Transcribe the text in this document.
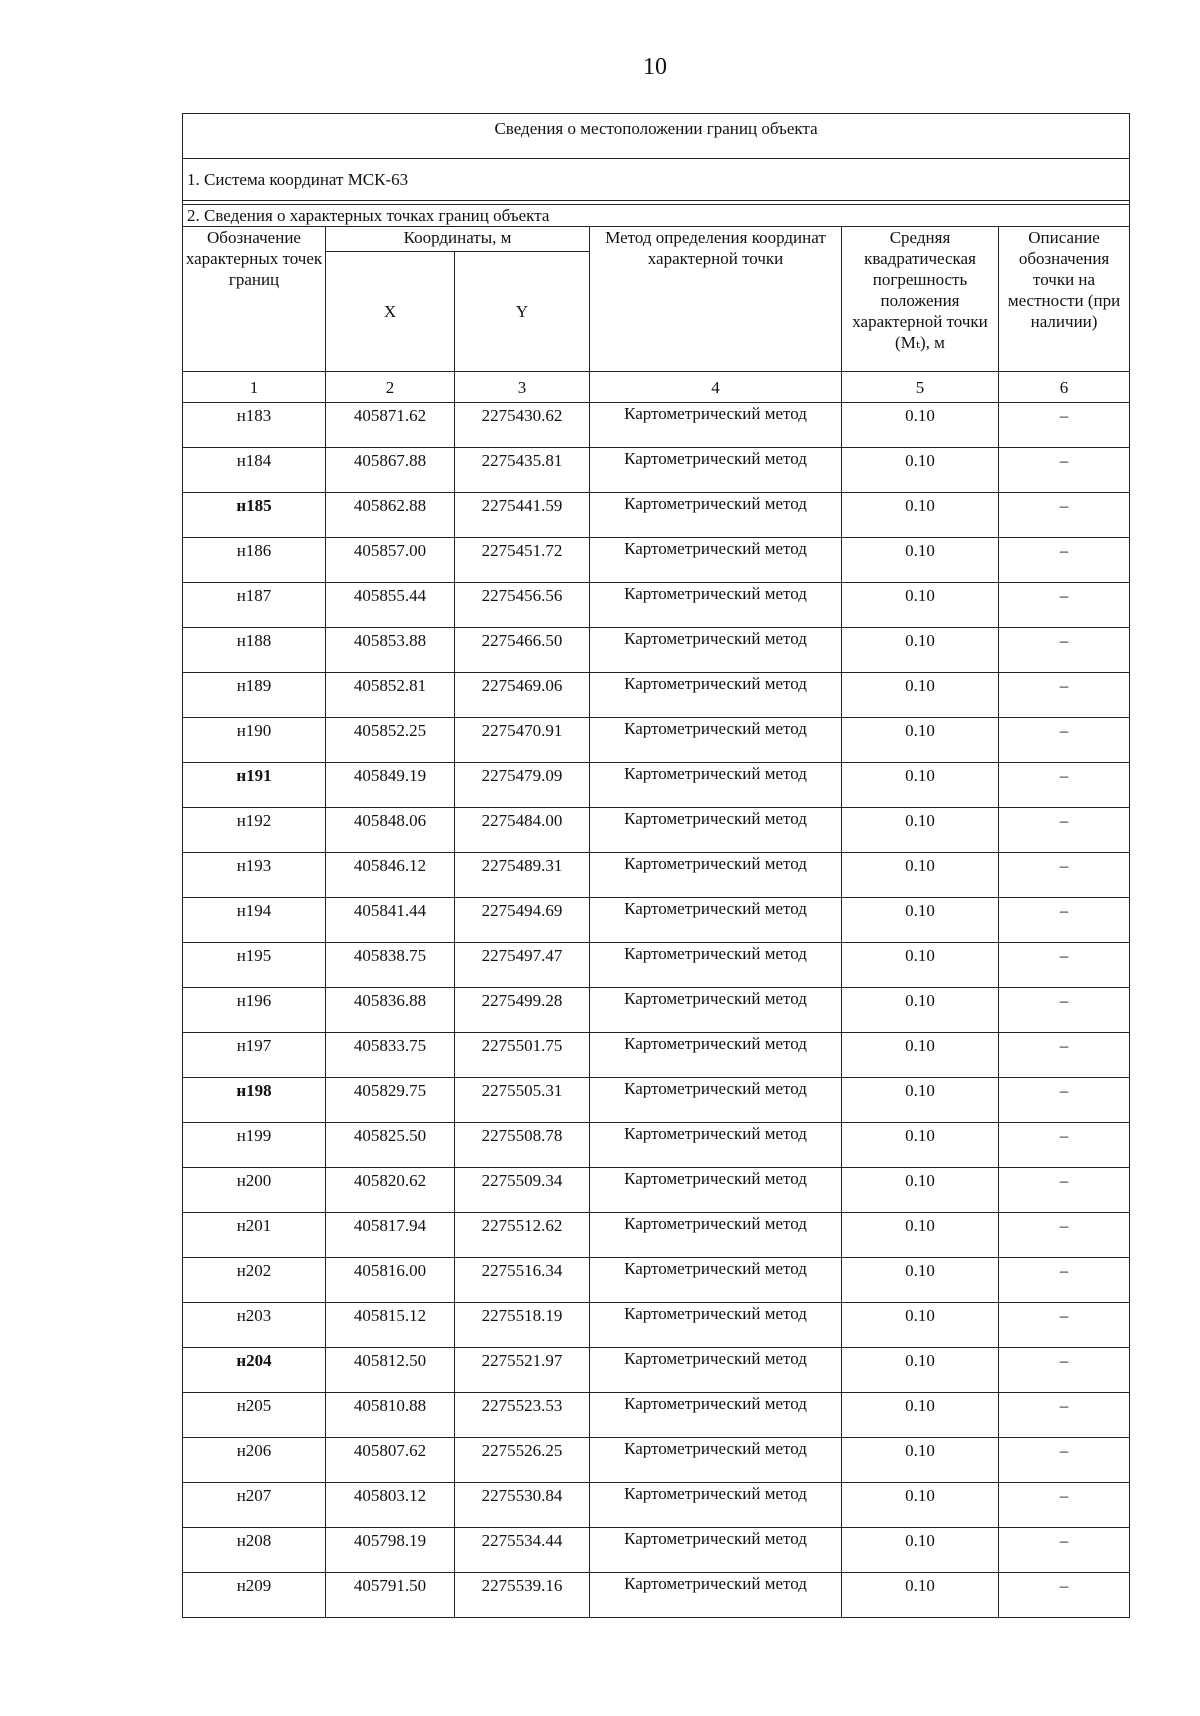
10
Сведения о местоположении границ объекта					
1. Система координат МСК-63					

2. Сведения о характерных точках границ объекта					
Обозначение характерных точек границ	Координаты, м		Метод определения координат характерной точки	Средняя квадратическая погрешность положения характерной точки (Mₜ), м	Описание обозначения точки на местности (при наличии)
	X	Y			
1	2	3	4	5	6
н183	405871.62	2275430.62	Картометрический метод	0.10	–
н184	405867.88	2275435.81	Картометрический метод	0.10	–
н185	405862.88	2275441.59	Картометрический метод	0.10	–
н186	405857.00	2275451.72	Картометрический метод	0.10	–
н187	405855.44	2275456.56	Картометрический метод	0.10	–
н188	405853.88	2275466.50	Картометрический метод	0.10	–
н189	405852.81	2275469.06	Картометрический метод	0.10	–
н190	405852.25	2275470.91	Картометрический метод	0.10	–
н191	405849.19	2275479.09	Картометрический метод	0.10	–
н192	405848.06	2275484.00	Картометрический метод	0.10	–
н193	405846.12	2275489.31	Картометрический метод	0.10	–
н194	405841.44	2275494.69	Картометрический метод	0.10	–
н195	405838.75	2275497.47	Картометрический метод	0.10	–
н196	405836.88	2275499.28	Картометрический метод	0.10	–
н197	405833.75	2275501.75	Картометрический метод	0.10	–
н198	405829.75	2275505.31	Картометрический метод	0.10	–
н199	405825.50	2275508.78	Картометрический метод	0.10	–
н200	405820.62	2275509.34	Картометрический метод	0.10	–
н201	405817.94	2275512.62	Картометрический метод	0.10	–
н202	405816.00	2275516.34	Картометрический метод	0.10	–
н203	405815.12	2275518.19	Картометрический метод	0.10	–
н204	405812.50	2275521.97	Картометрический метод	0.10	–
н205	405810.88	2275523.53	Картометрический метод	0.10	–
н206	405807.62	2275526.25	Картометрический метод	0.10	–
н207	405803.12	2275530.84	Картометрический метод	0.10	–
н208	405798.19	2275534.44	Картометрический метод	0.10	–
н209	405791.50	2275539.16	Картометрический метод	0.10	–
